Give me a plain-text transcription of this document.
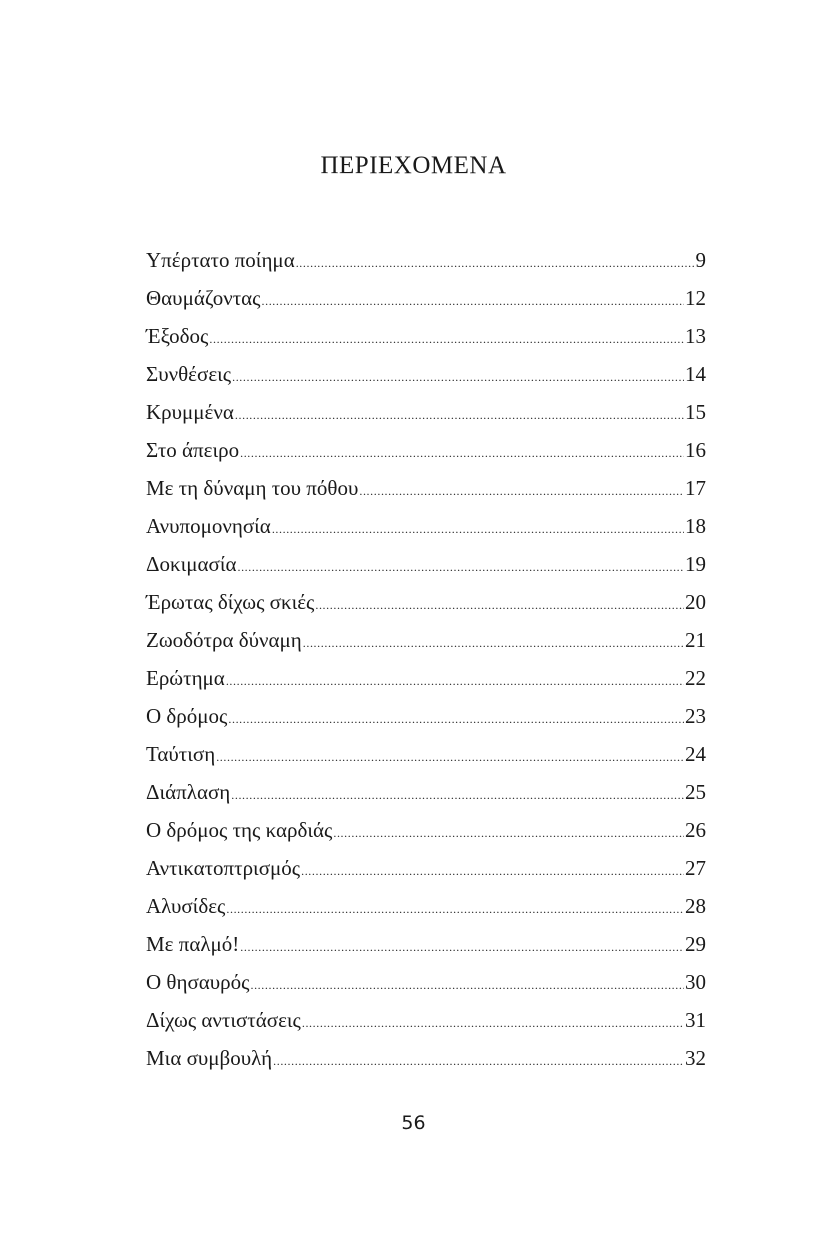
ΠΕΡΙΕΧΟΜΕΝΑ
Υπέρτατο ποίημα .....	9
Θαυμάζοντας .....	12
Έξοδος .....	13
Συνθέσεις .....	14
Κρυμμένα .....	15
Στο άπειρο .....	16
Με τη δύναμη του πόθου .....	17
Ανυπομονησία .....	18
Δοκιμασία .....	19
Έρωτας δίχως σκιές .....	20
Ζωοδότρα δύναμη .....	21
Ερώτημα .....	22
Ο δρόμος .....	23
Ταύτιση .....	24
Διάπλαση .....	25
Ο δρόμος της καρδιάς .....	26
Αντικατοπτρισμός .....	27
Αλυσίδες .....	28
Με παλμό! .....	29
Ο θησαυρός .....	30
Δίχως αντιστάσεις .....	31
Μια συμβουλή .....	32
56
